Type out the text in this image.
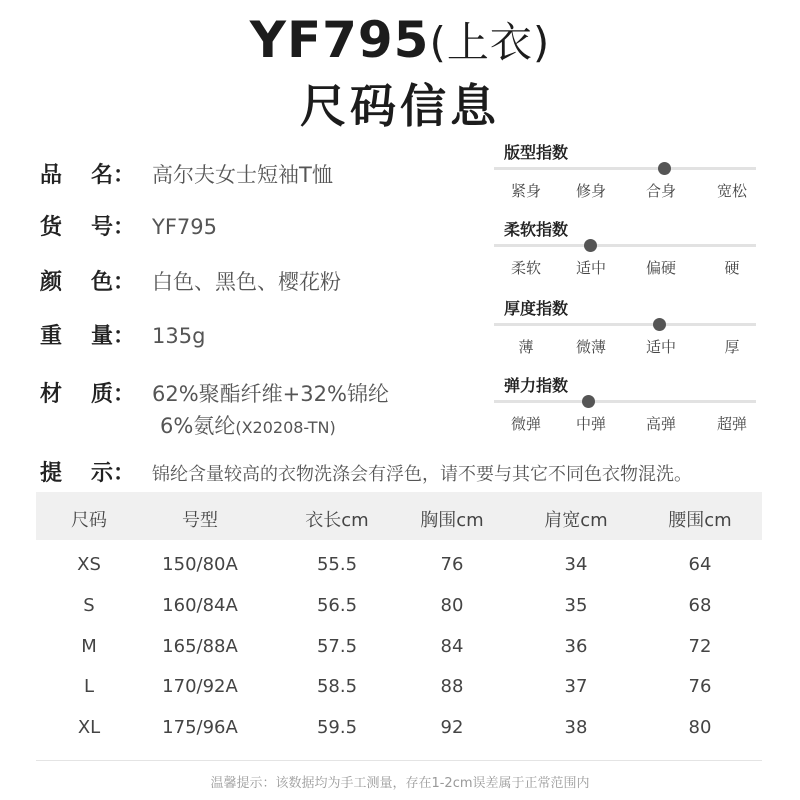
YF795(上衣)
尺码信息
品 名： 高尔夫女士短袖T恤
货 号： YF795
颜 色： 白色、黑色、樱花粉
重 量： 135g
材 质： 62%聚酯纤维+32%锦纶
6%氨纶(X20208-TN)
提 示： 锦纶含量较高的衣物洗涤会有浮色，请不要与其它不同色衣物混洗。
版型指数
紧身	修身	合身	宽松
柔软指数
柔软	适中	偏硬	硬
厚度指数
薄	微薄	适中	厚
弹力指数
微弹	中弹	高弹	超弹
尺码	号型	衣长cm	胸围cm	肩宽cm	腰围cm
XS	150/80A	55.5	76	34	64
S	160/84A	56.5	80	35	68
M	165/88A	57.5	84	36	72
L	170/92A	58.5	88	37	76
XL	175/96A	59.5	92	38	80
温馨提示：该数据均为手工测量，存在1-2cm误差属于正常范围内
